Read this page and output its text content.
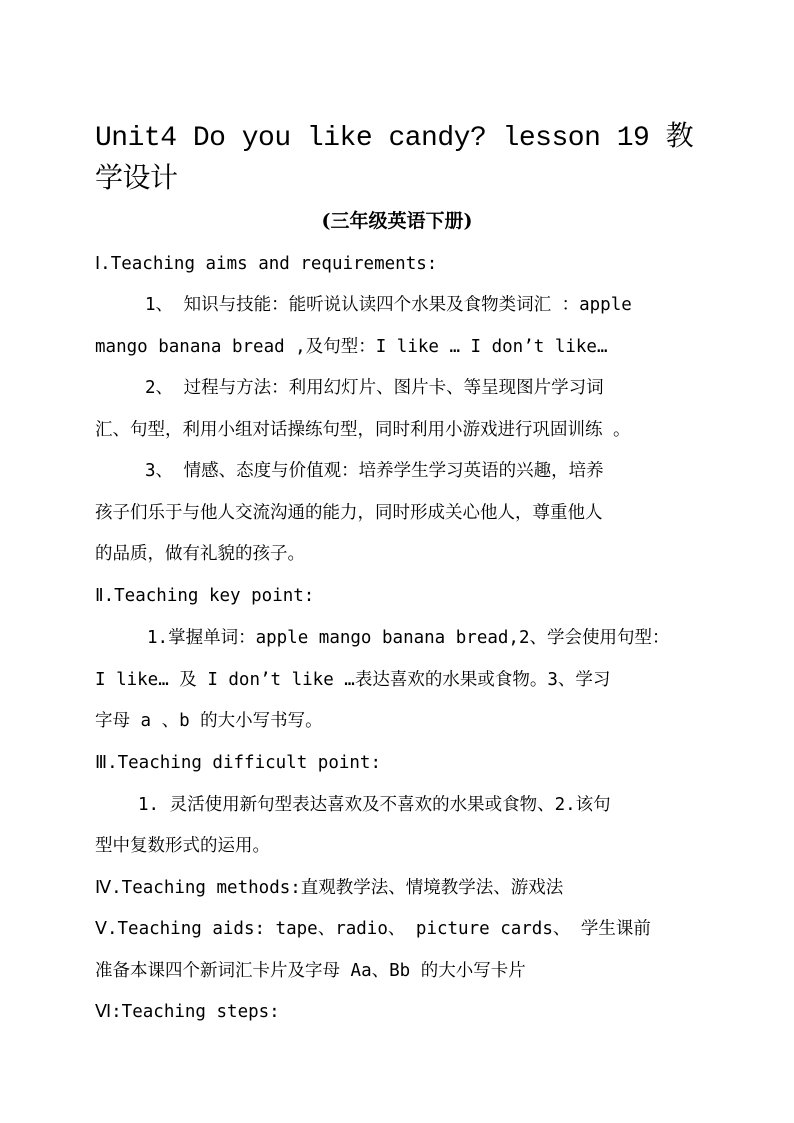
Unit4 Do you like candy? lesson 19 教学设计
(三年级英语下册)

Ⅰ.Teaching aims and requirements:

1、 知识与技能：能听说认读四个水果及食物类词汇 ：apple

mango banana bread ,及句型：I like … I don’t like…

2、 过程与方法：利用幻灯片、图片卡、等呈现图片学习词

汇、句型，利用小组对话操练句型，同时利用小游戏进行巩固训练 。

3、 情感、态度与价值观：培养学生学习英语的兴趣，培养

孩子们乐于与他人交流沟通的能力，同时形成关心他人，尊重他人

的品质，做有礼貌的孩子。

Ⅱ.Teaching key point:

1.掌握单词：apple mango banana bread,2、学会使用句型：

I like… 及 I don’t like …表达喜欢的水果或食物。3、学习

字母 a 、b 的大小写书写。

Ⅲ.Teaching difficult point:

1. 灵活使用新句型表达喜欢及不喜欢的水果或食物、2.该句

型中复数形式的运用。

Ⅳ.Teaching methods:直观教学法、情境教学法、游戏法

Ⅴ.Teaching aids: tape、radio、 picture cards、 学生课前

准备本课四个新词汇卡片及字母 Aa、Bb 的大小写卡片

Ⅵ:Teaching steps:
